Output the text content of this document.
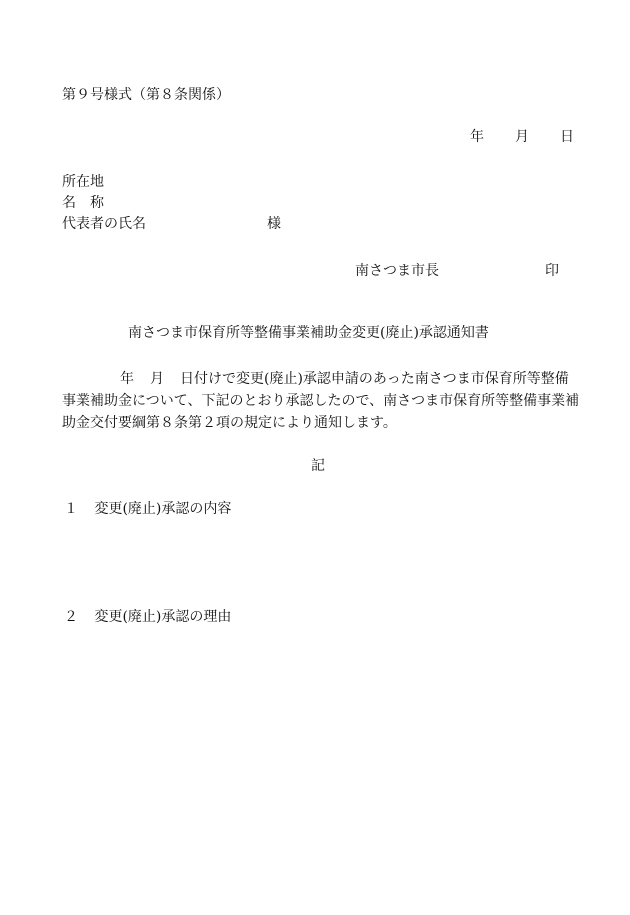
第９号様式（第８条関係）
年 月 日
所在地
名　称
代表者の氏名	様
南さつま市長	印
南さつま市保育所等整備事業補助金変更(廃止)承認通知書
年 月 日付けで変更(廃止)承認申請のあった南さつま市保育所等整備事業補助金について、下記のとおり承認したので、南さつま市保育所等整備事業補助金交付要綱第８条第２項の規定により通知します。
記
１ 変更(廃止)承認の内容
２ 変更(廃止)承認の理由
